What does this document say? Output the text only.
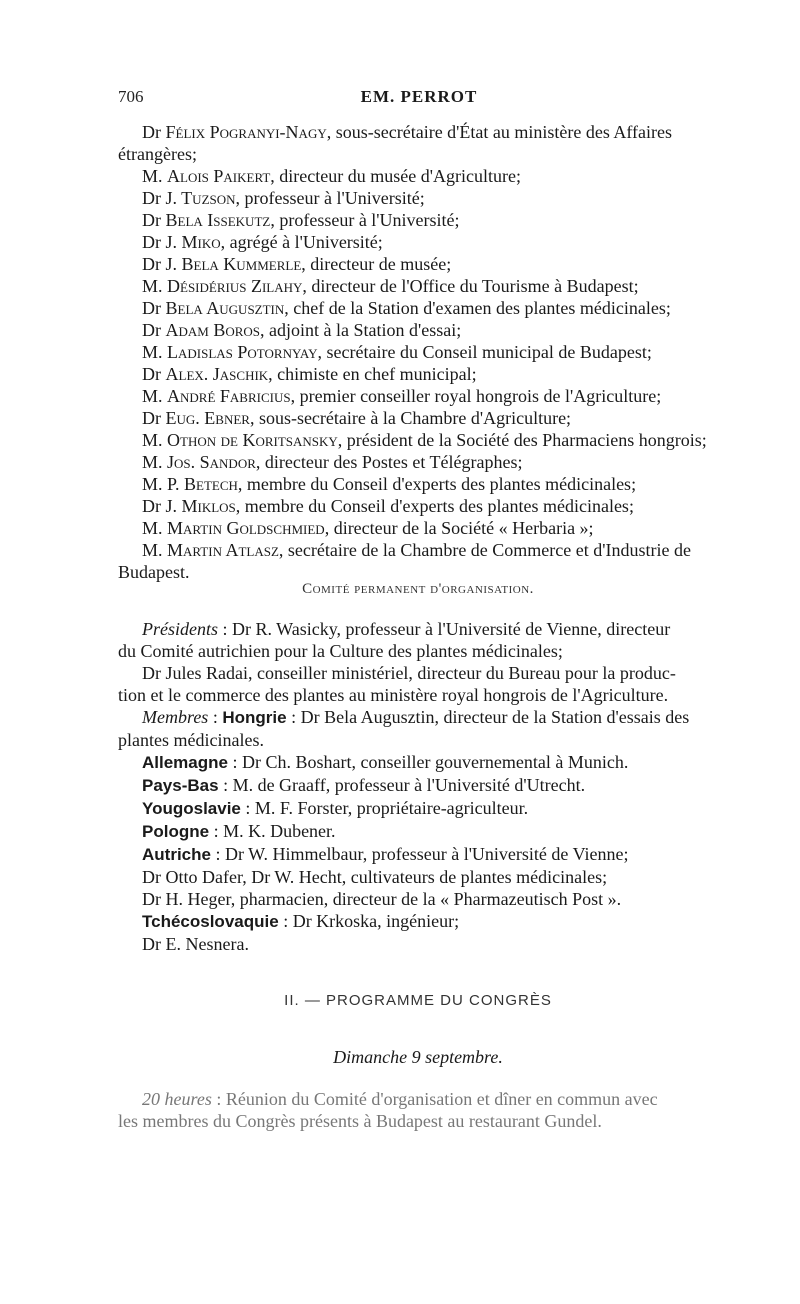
706	EM. PERROT
Dr Félix Pogranyi-Nagy, sous-secrétaire d'État au ministère des Affaires
étrangères;
M. Alois Paikert, directeur du musée d'Agriculture;
Dr J. Tuzson, professeur à l'Université;
Dr Bela Issekutz, professeur à l'Université;
Dr J. Miko, agrégé à l'Université;
Dr J. Bela Kummerle, directeur de musée;
M. Désidérius Zilahy, directeur de l'Office du Tourisme à Budapest;
Dr Bela Augusztin, chef de la Station d'examen des plantes médicinales;
Dr Adam Boros, adjoint à la Station d'essai;
M. Ladislas Potornyay, secrétaire du Conseil municipal de Budapest;
Dr Alex. Jaschik, chimiste en chef municipal;
M. André Fabricius, premier conseiller royal hongrois de l'Agriculture;
Dr Eug. Ebner, sous-secrétaire à la Chambre d'Agriculture;
M. Othon de Koritsansky, président de la Société des Pharmaciens hongrois;
M. Jos. Sandor, directeur des Postes et Télégraphes;
M. P. Betech, membre du Conseil d'experts des plantes médicinales;
Dr J. Miklos, membre du Conseil d'experts des plantes médicinales;
M. Martin Goldschmied, directeur de la Société « Herbaria »;
M. Martin Atlasz, secrétaire de la Chambre de Commerce et d'Industrie de
Budapest.
Comité permanent d'organisation.
Présidents : Dr R. Wasicky, professeur à l'Université de Vienne, directeur
du Comité autrichien pour la Culture des plantes médicinales;
Dr Jules Radai, conseiller ministériel, directeur du Bureau pour la produc-
tion et le commerce des plantes au ministère royal hongrois de l'Agriculture.
Membres : Hongrie : Dr Bela Augusztin, directeur de la Station d'essais des
plantes médicinales.
Allemagne : Dr Ch. Boshart, conseiller gouvernemental à Munich.
Pays-Bas : M. de Graaff, professeur à l'Université d'Utrecht.
Yougoslavie : M. F. Forster, propriétaire-agriculteur.
Pologne : M. K. Dubener.
Autriche : Dr W. Himmelbaur, professeur à l'Université de Vienne;
Dr Otto Dafer, Dr W. Hecht, cultivateurs de plantes médicinales;
Dr H. Heger, pharmacien, directeur de la « Pharmazeutisch Post ».
Tchécoslovaquie : Dr Krkoska, ingénieur;
Dr E. Nesnera.
II. — PROGRAMME DU CONGRÈS
Dimanche 9 septembre.
20 heures : Réunion du Comité d'organisation et dîner en commun avec
les membres du Congrès présents à Budapest au restaurant Gundel.
